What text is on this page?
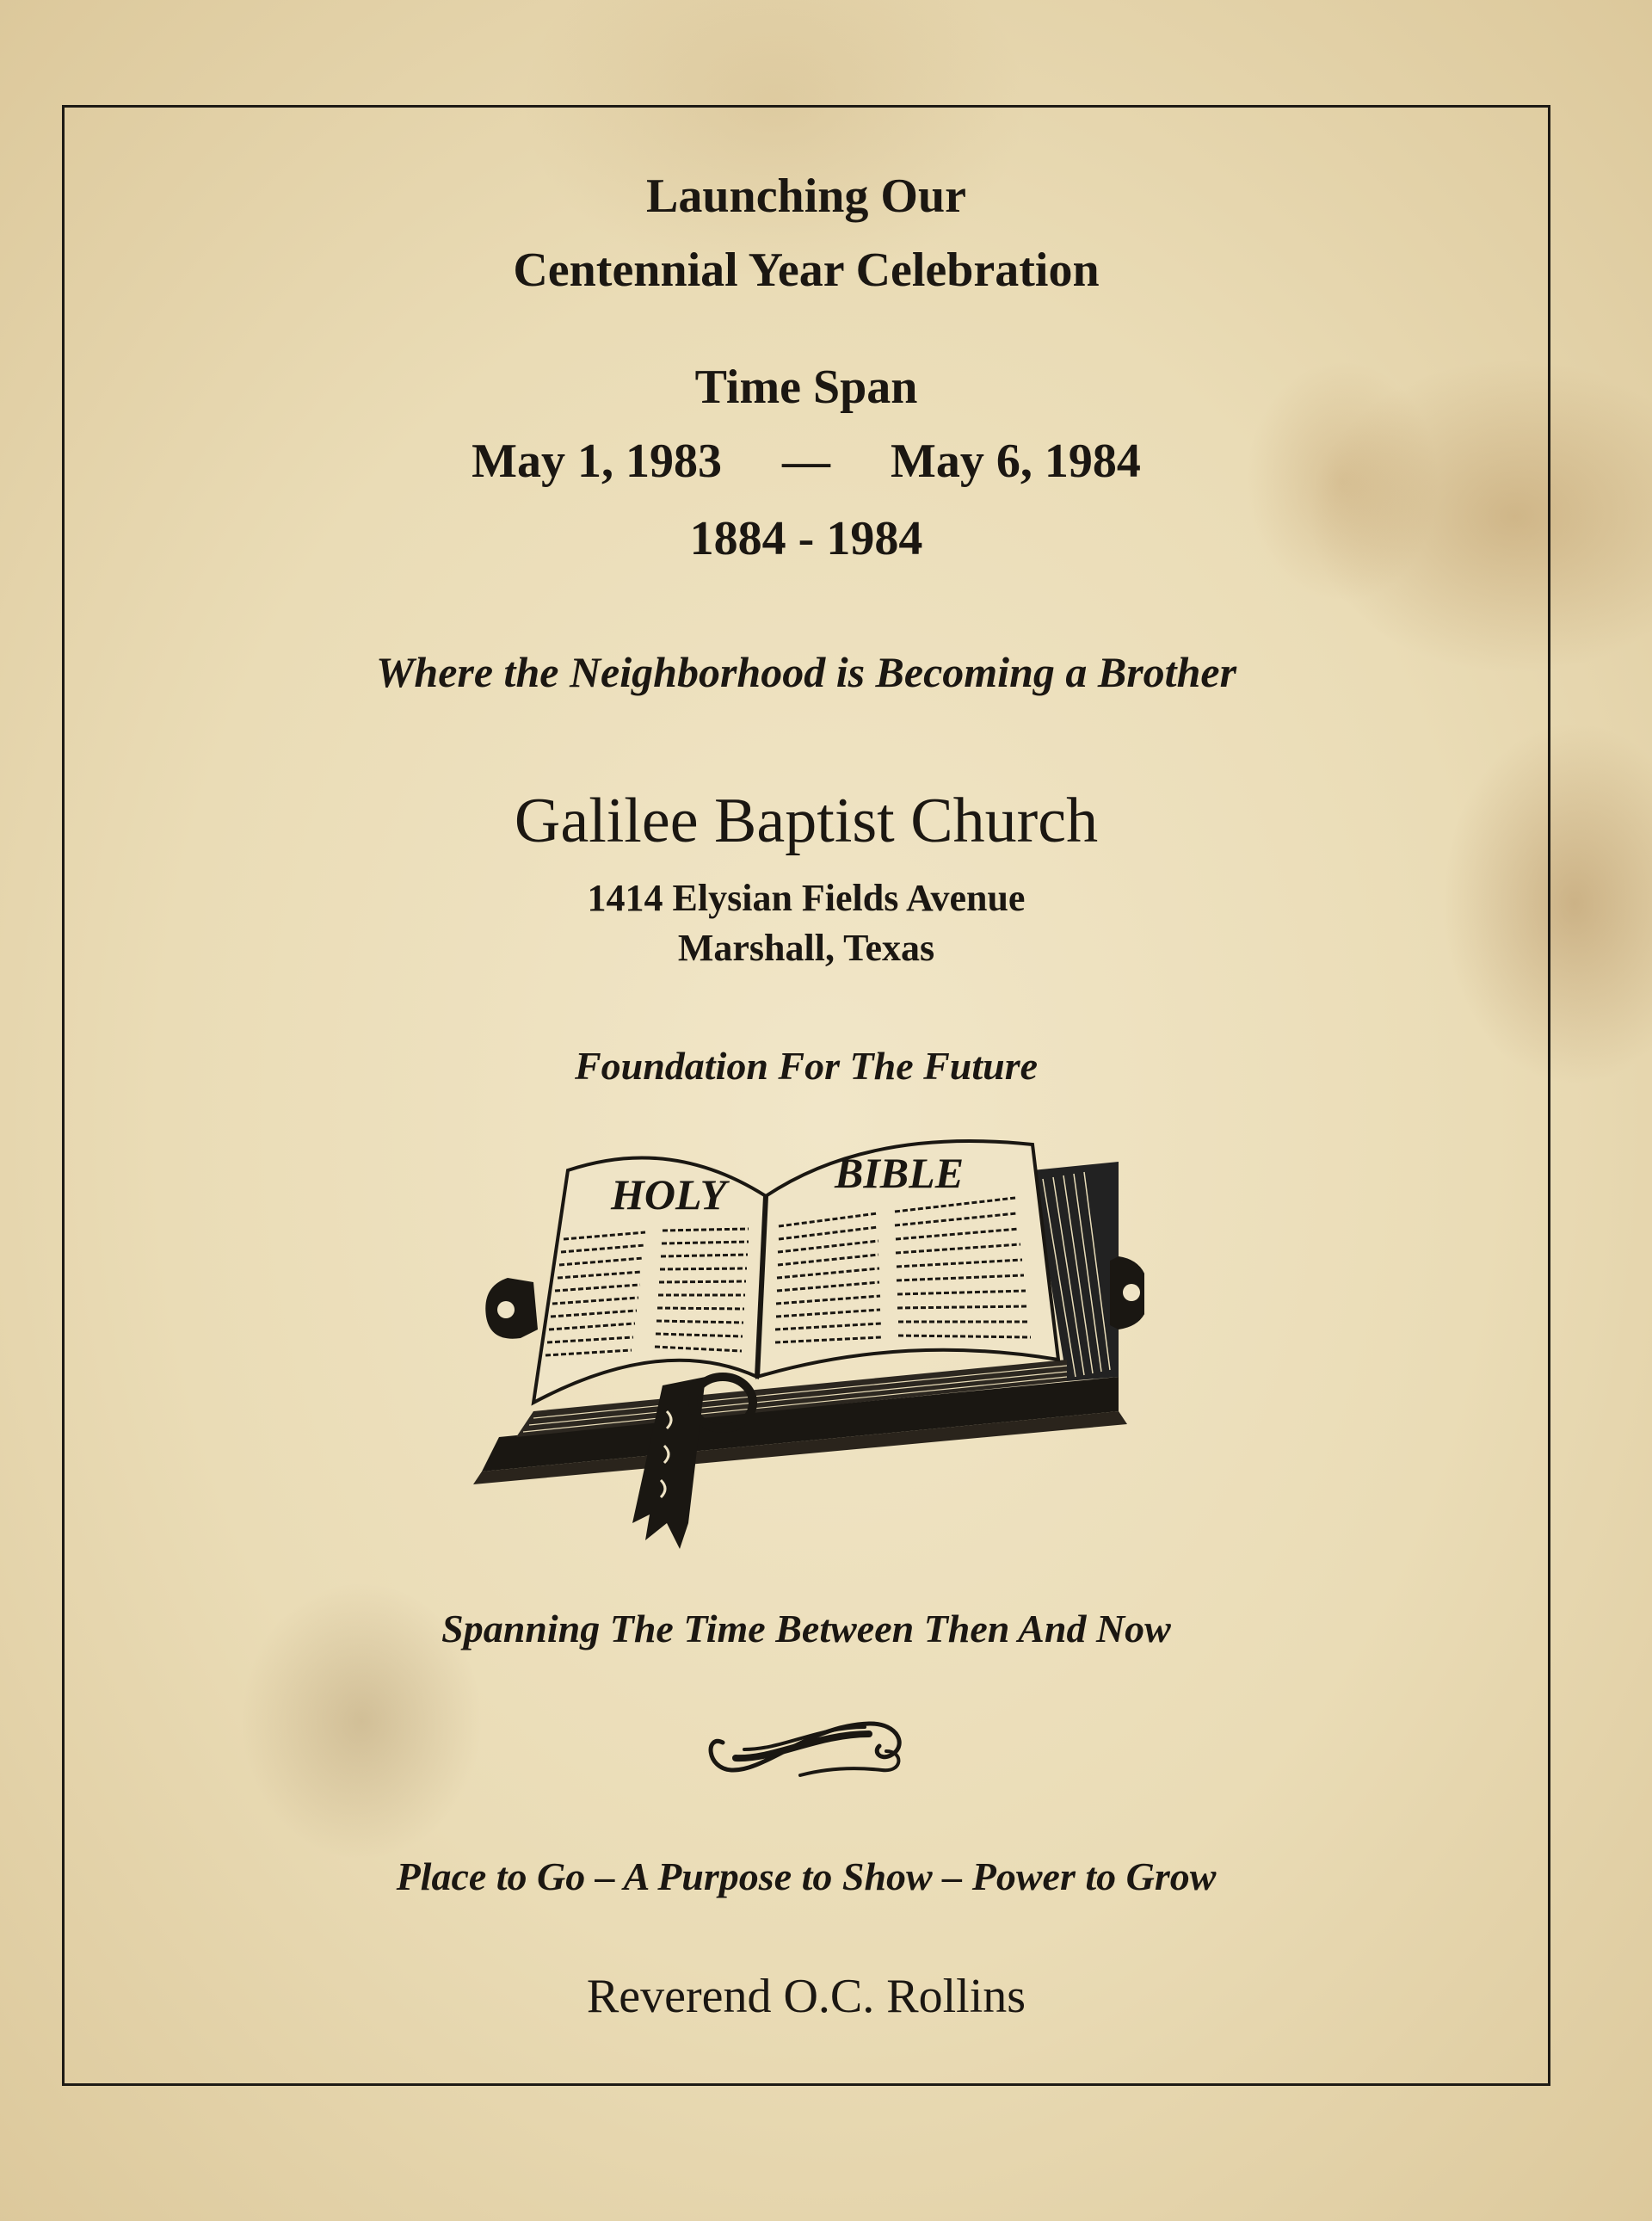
Launching Our
Centennial Year Celebration
Time Span
May 1, 1983 — May 6, 1984
1884 - 1984
Where the Neighborhood is Becoming a Brother
Galilee Baptist Church
1414 Elysian Fields Avenue
Marshall, Texas
Foundation For The Future
HOLY	BIBLE
Spanning The Time Between Then And Now
Place to Go – A Purpose to Show – Power to Grow
Reverend O.C. Rollins
